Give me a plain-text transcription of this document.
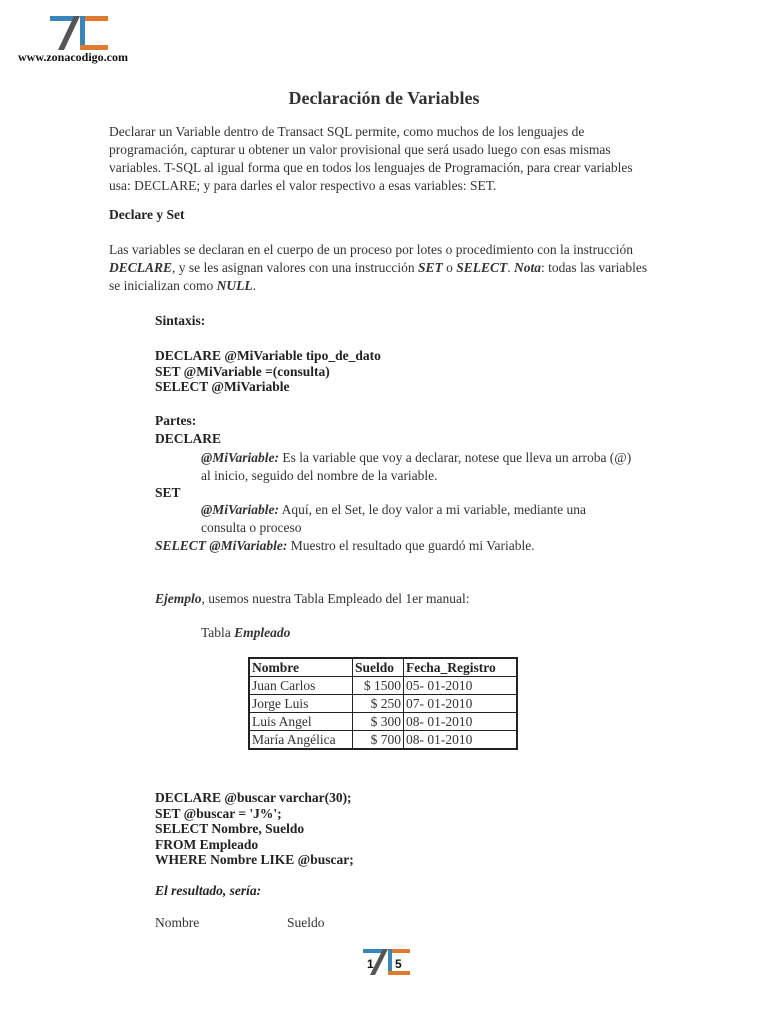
www.zonacodigo.com
Declaración de Variables
Declarar un Variable dentro de Transact SQL permite, como muchos de los lenguajes de programación, capturar u obtener un valor provisional que será usado luego con esas mismas variables. T-SQL al igual forma que en todos los lenguajes de Programación, para crear variables usa: DECLARE; y para darles el valor respectivo a esas variables: SET.
Declare y Set
Las variables se declaran en el cuerpo de un proceso por lotes o procedimiento con la instrucción DECLARE, y se les asignan valores con una instrucción SET o SELECT. Nota: todas las variables se inicializan como NULL.
Sintaxis:
DECLARE @MiVariable tipo_de_dato
SET @MiVariable =(consulta)
SELECT @MiVariable
Partes:
DECLARE
@MiVariable: Es la variable que voy a declarar, notese que lleva un arroba (@)
al inicio, seguido del nombre de la variable.
SET
@MiVariable: Aquí, en el Set, le doy valor a mi variable, mediante una
consulta o proceso
SELECT @MiVariable: Muestro el resultado que guardó mi Variable.
Ejemplo, usemos nuestra Tabla Empleado del 1er manual:
Tabla Empleado
Nombre	Sueldo	Fecha_Registro
Juan Carlos	$ 1500	05- 01-2010
Jorge Luis	$ 250	07- 01-2010
Luis Angel	$ 300	08- 01-2010
María Angélica	$ 700	08- 01-2010
DECLARE @buscar varchar(30);
SET @buscar = 'J%';
SELECT Nombre, Sueldo
FROM Empleado
WHERE Nombre LIKE @buscar;
El resultado, sería:
Nombre	Sueldo
1 5
